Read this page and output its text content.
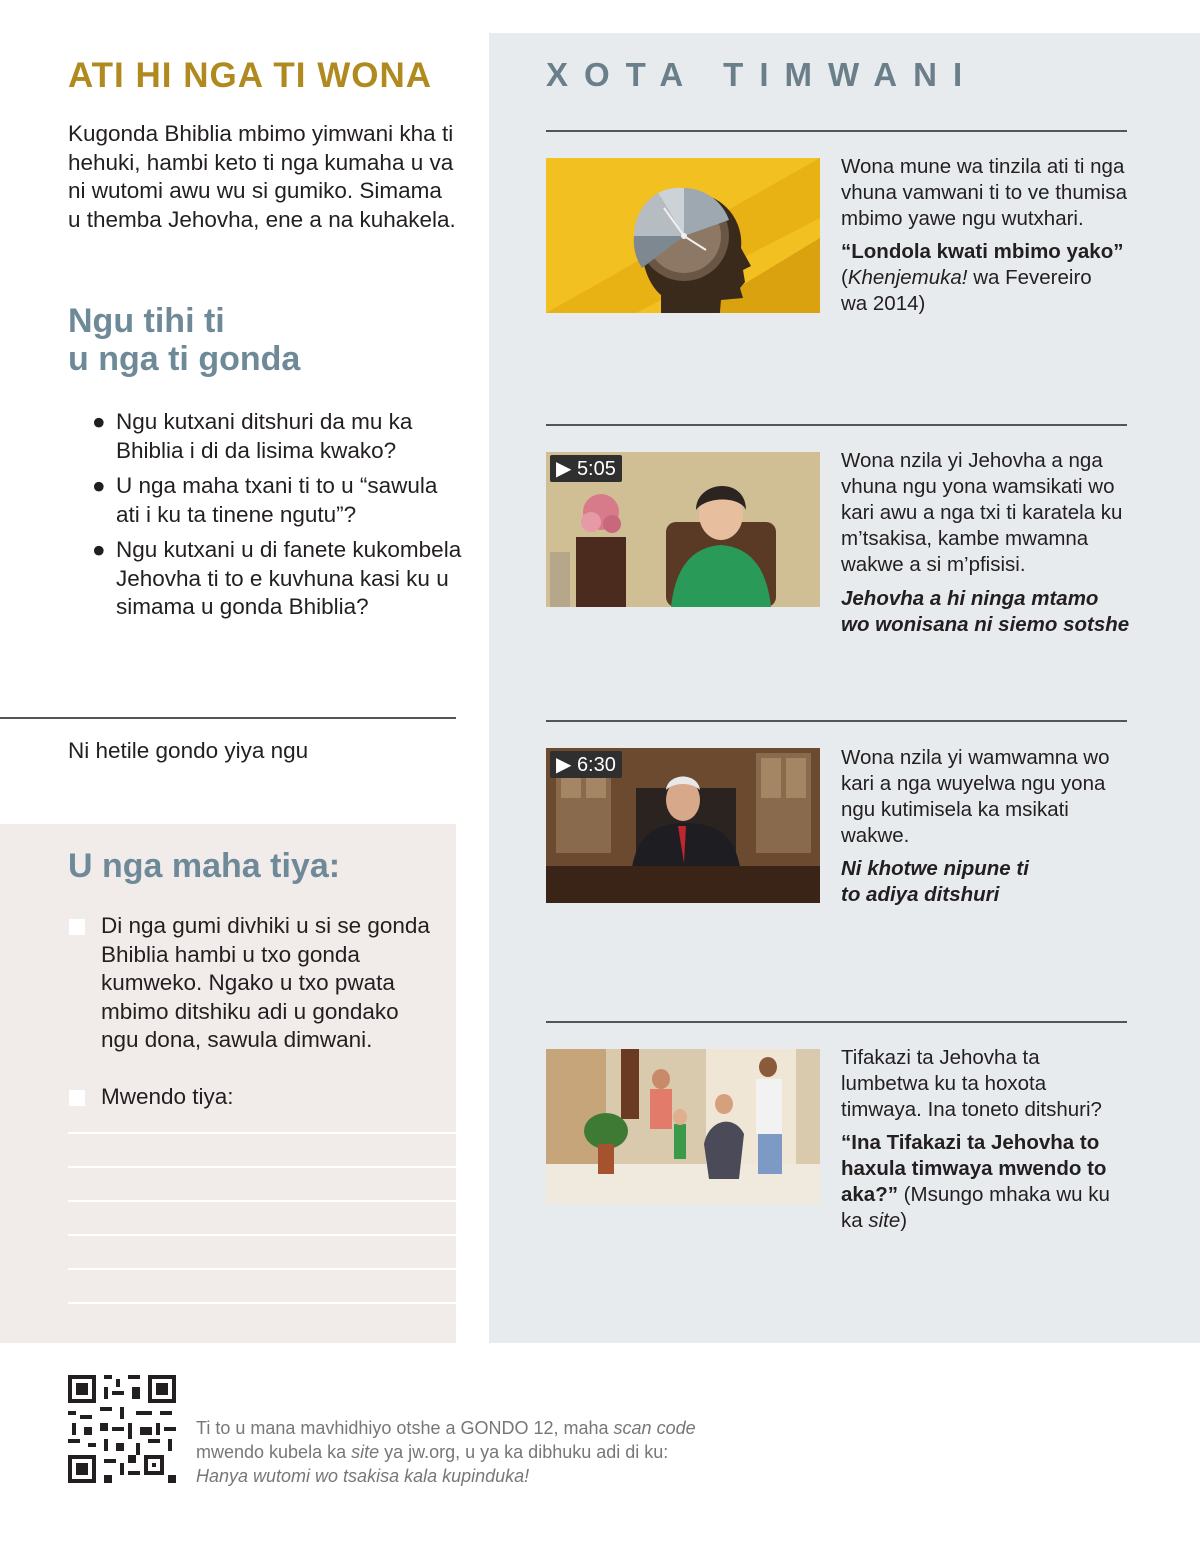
ATI HI NGA TI WONA

Kugonda Bhiblia mbimo yimwani kha ti hehuki, hambi keto ti nga kumaha u va ni wutomi awu wu si gumiko. Simama u themba Jehovha, ene a na kuhakela.

Ngu tihi ti
u nga ti gonda
● Ngu kutxani ditshuri da mu ka Bhiblia i di da lisima kwako?
● U nga maha txani ti to u “sawula ati i ku ta tinene ngutu”?
● Ngu kutxani u di fanete kukombela Jehovha ti to e kuvhuna kasi ku u simama u gonda Bhiblia?
Ni hetile gondo yiya ngu
U nga maha tiya:

Di nga gumi divhiki u si se gonda Bhiblia hambi u txo gonda kumweko. Ngako u txo pwata mbimo ditshiku adi u gondako ngu dona, sawula dimwani.

Mwendo tiya:

XOTA TIMWANI

Wona mune wa tinzila ati ti nga vhuna vamwani ti to ve thumisa mbimo yawe ngu wutxhari.

“Londola kwati mbimo yako”
(Khenjemuka! wa Fevereiro
wa 2014)

▶ 5:05	Wona nzila yi Jehovha a nga vhuna ngu yona wamsikati wo kari awu a nga txi ti karatela ku m’tsakisa, kambe mwamna wakwe a si m’pfisisi.

Jehovha a hi ninga mtamo wo wonisana ni siemo sotshe

▶ 6:30	Wona nzila yi wamwamna wo kari a nga wuyelwa ngu yona ngu kutimisela ka msikati wakwe.

Ni khotwe nipune ti
to adiya ditshuri

Tifakazi ta Jehovha ta lumbetwa ku ta hoxota timwaya. Ina toneto ditshuri?

“Ina Tifakazi ta Jehovha to haxula timwaya mwendo to aka?” (Msungo mhaka wu ku ka site)

Ti to u mana mavhidhiyo otshe a GONDO 12, maha scan code mwendo kubela ka site ya jw.org, u ya ka dibhuku adi di ku: Hanya wutomi wo tsakisa kala kupinduka!
